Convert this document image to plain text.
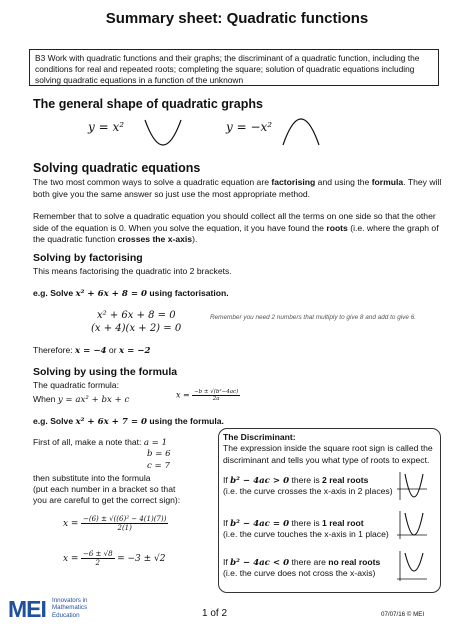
Summary sheet: Quadratic functions
B3 Work with quadratic functions and their graphs; the discriminant of a quadratic function, including the conditions for real and repeated roots; completing the square; solution of quadratic equations including solving quadratic equations in a function of the unknown
The general shape of quadratic graphs
y = x²	y = −x²
Solving quadratic equations
The two most common ways to solve a quadratic equation are factorising and using the formula. They will both give you the same answer so just use the most appropriate method.
Remember that to solve a quadratic equation you should collect all the terms on one side so that the other side of the equation is 0. When you solve the equation, it you have found the roots (i.e. where the graph of the quadratic function crosses the x-axis).
Solving by factorising
This means factorising the quadratic into 2 brackets.
e.g. Solve x² + 6x + 8 = 0 using factorisation.
x² + 6x + 8 = 0
(x + 4)(x + 2) = 0
Remember you need 2 numbers that multiply to give 8 and add to give 6.
Therefore: x = −4 or x = −2
Solving by using the formula
The quadratic formula:
When y = ax² + bx + c	$x = \frac{\text{−b ± √(b²−4ac)}}{2a}$
e.g. Solve x² + 6x + 7 = 0 using the formula.
First of all, make a note that: a = 1
b = 6
c = 7
then substitute into the formula
(put each number in a bracket so that
you are careful to get the correct sign):
$x = \frac{\text{−(6) ± √((6)² − 4(1)(7))}}{2(1)}$
$x = \frac{-6 \pm √8}{2} = -3 \pm √2$
The Discriminant:
The expression inside the square root sign is called the discriminant and tells you what type of roots to expect.
If b² − 4ac > 0 there is 2 real roots
(i.e. the curve crosses the x-axis in 2 places)
If b² − 4ac = 0 there is 1 real root
(i.e. the curve touches the x-axis in 1 place)
If b² − 4ac < 0 there are no real roots
(i.e. the curve does not cross the x-axis)
MEI Innovators in
Mathematics
Education	1 of 2	07/07/16 © MEI
